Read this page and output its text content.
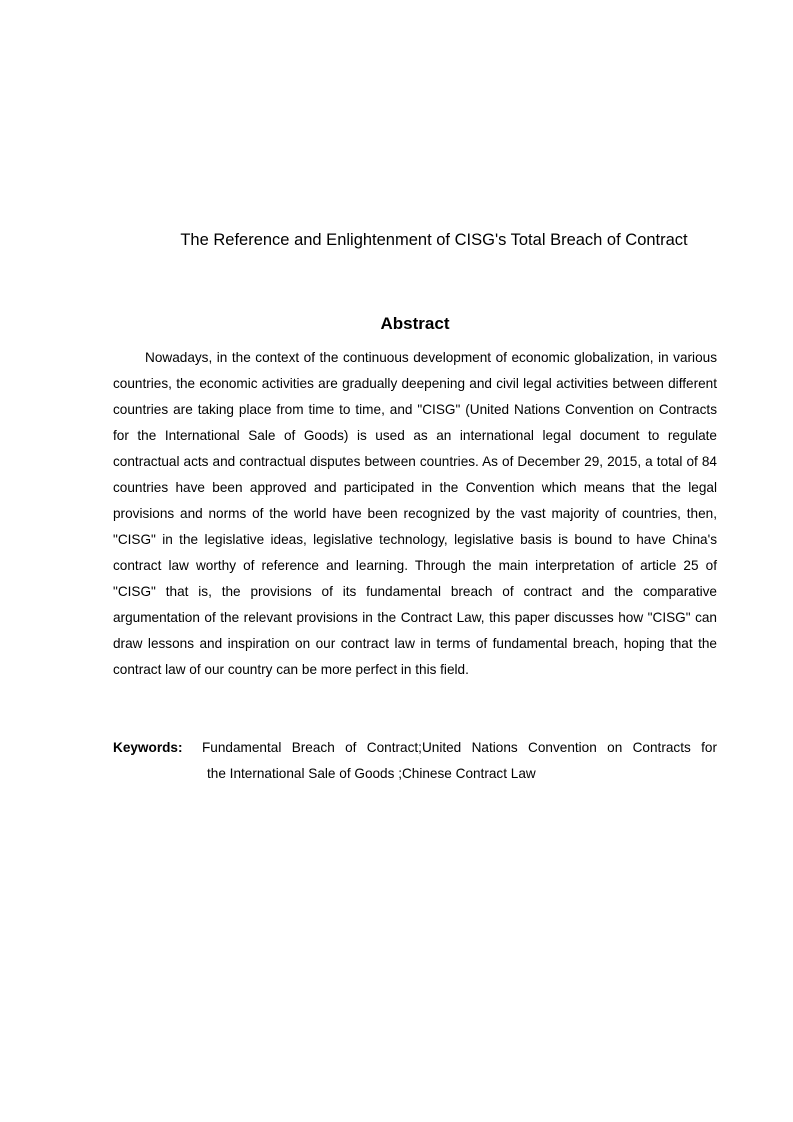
The Reference and Enlightenment of CISG's Total Breach of Contract
Abstract

Nowadays, in the context of the continuous development of economic globalization, in various countries, the economic activities are gradually deepening and civil legal activities between different countries are taking place from time to time, and "CISG" (United Nations Convention on Contracts for the International Sale of Goods) is used as an international legal document to regulate contractual acts and contractual disputes between countries. As of December 29, 2015, a total of 84 countries have been approved and participated in the Convention which means that the legal provisions and norms of the world have been recognized by the vast majority of countries, then, "CISG" in the legislative ideas, legislative technology, legislative basis is bound to have China's contract law worthy of reference and learning. Through the main interpretation of article 25 of "CISG" that is, the provisions of its fundamental breach of contract and the comparative argumentation of the relevant provisions in the Contract Law, this paper discusses how "CISG" can draw lessons and inspiration on our contract law in terms of fundamental breach, hoping that the contract law of our country can be more perfect in this field.

Keywords: Fundamental Breach of Contract;United Nations Convention on Contracts for
the International Sale of Goods ;Chinese Contract Law
